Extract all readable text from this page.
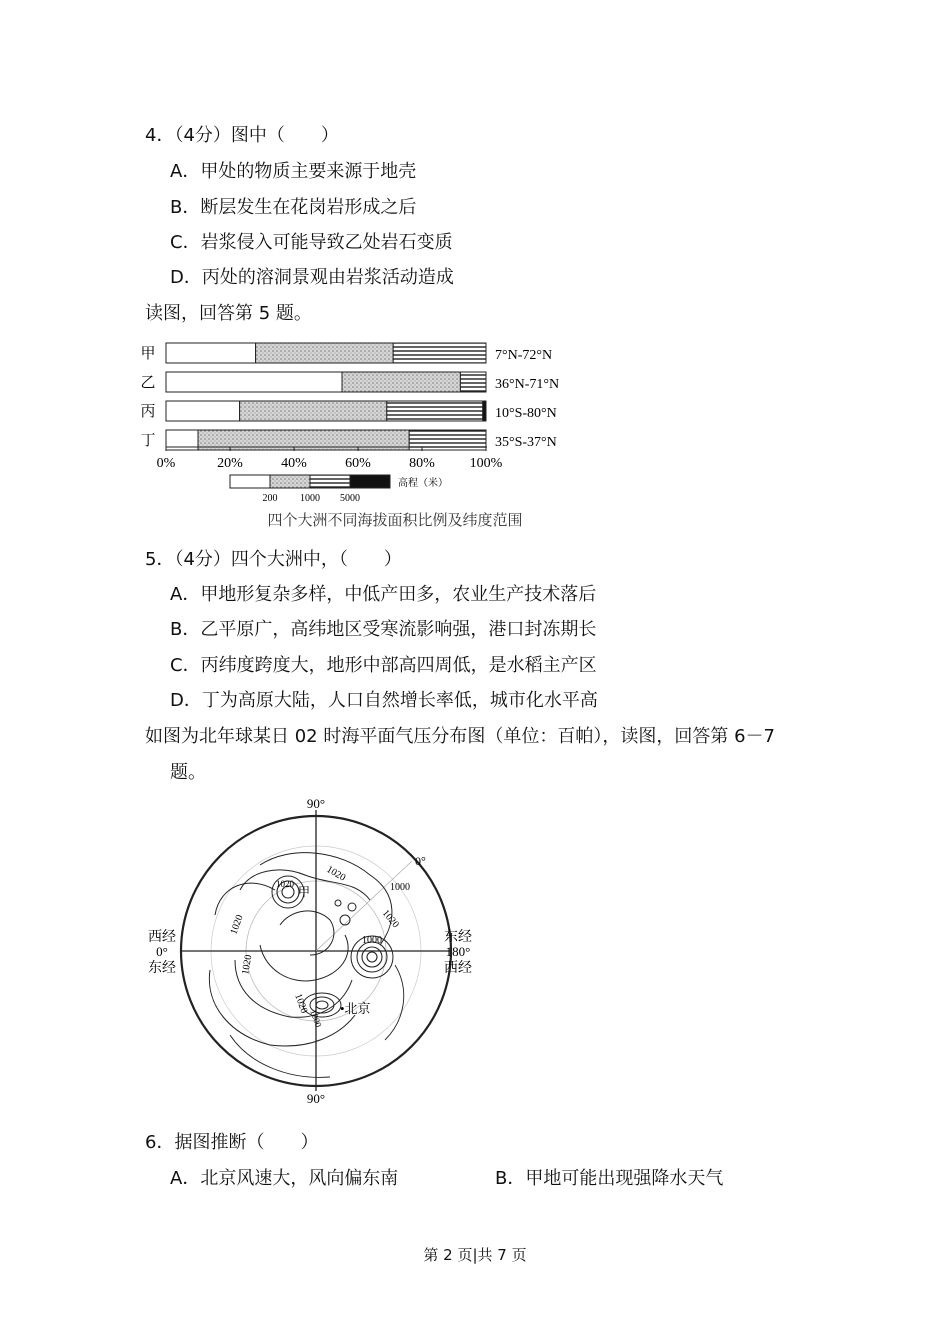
4．（4分）图中（　　）
A．甲处的物质主要来源于地壳
B．断层发生在花岗岩形成之后
C．岩浆侵入可能导致乙处岩石变质
D．丙处的溶洞景观由岩浆活动造成
读图，回答第 5 题。
甲	7°N-72°N
乙	36°N-71°N
丙	10°S-80°N
丁	35°S-37°N
0%	20%	40%	60%	80% 100%
200 1000 5000
高程（米）
四个大洲不同海拔面积比例及纬度范围
5．（4分）四个大洲中，（　　）
A．甲地形复杂多样，中低产田多，农业生产技术落后
B．乙平原广，高纬地区受寒流影响强，港口封冻期长
C．丙纬度跨度大，地形中部高四周低，是水稻主产区
D．丁为高原大陆，人口自然增长率低，城市化水平高
如图为北年球某日 02 时海平面气压分布图（单位：百帕），读图，回答第 6－7
题。
90°
90°
西经
0°
东经
东经
180°
西经
0°
1020
1020
1020
1020
1000
1000
1020
1020
1000
甲
•北京
6．据图推断（　　）
A．北京风速大，风向偏东南	B．甲地可能出现强降水天气
第 2 页|共 7 页
